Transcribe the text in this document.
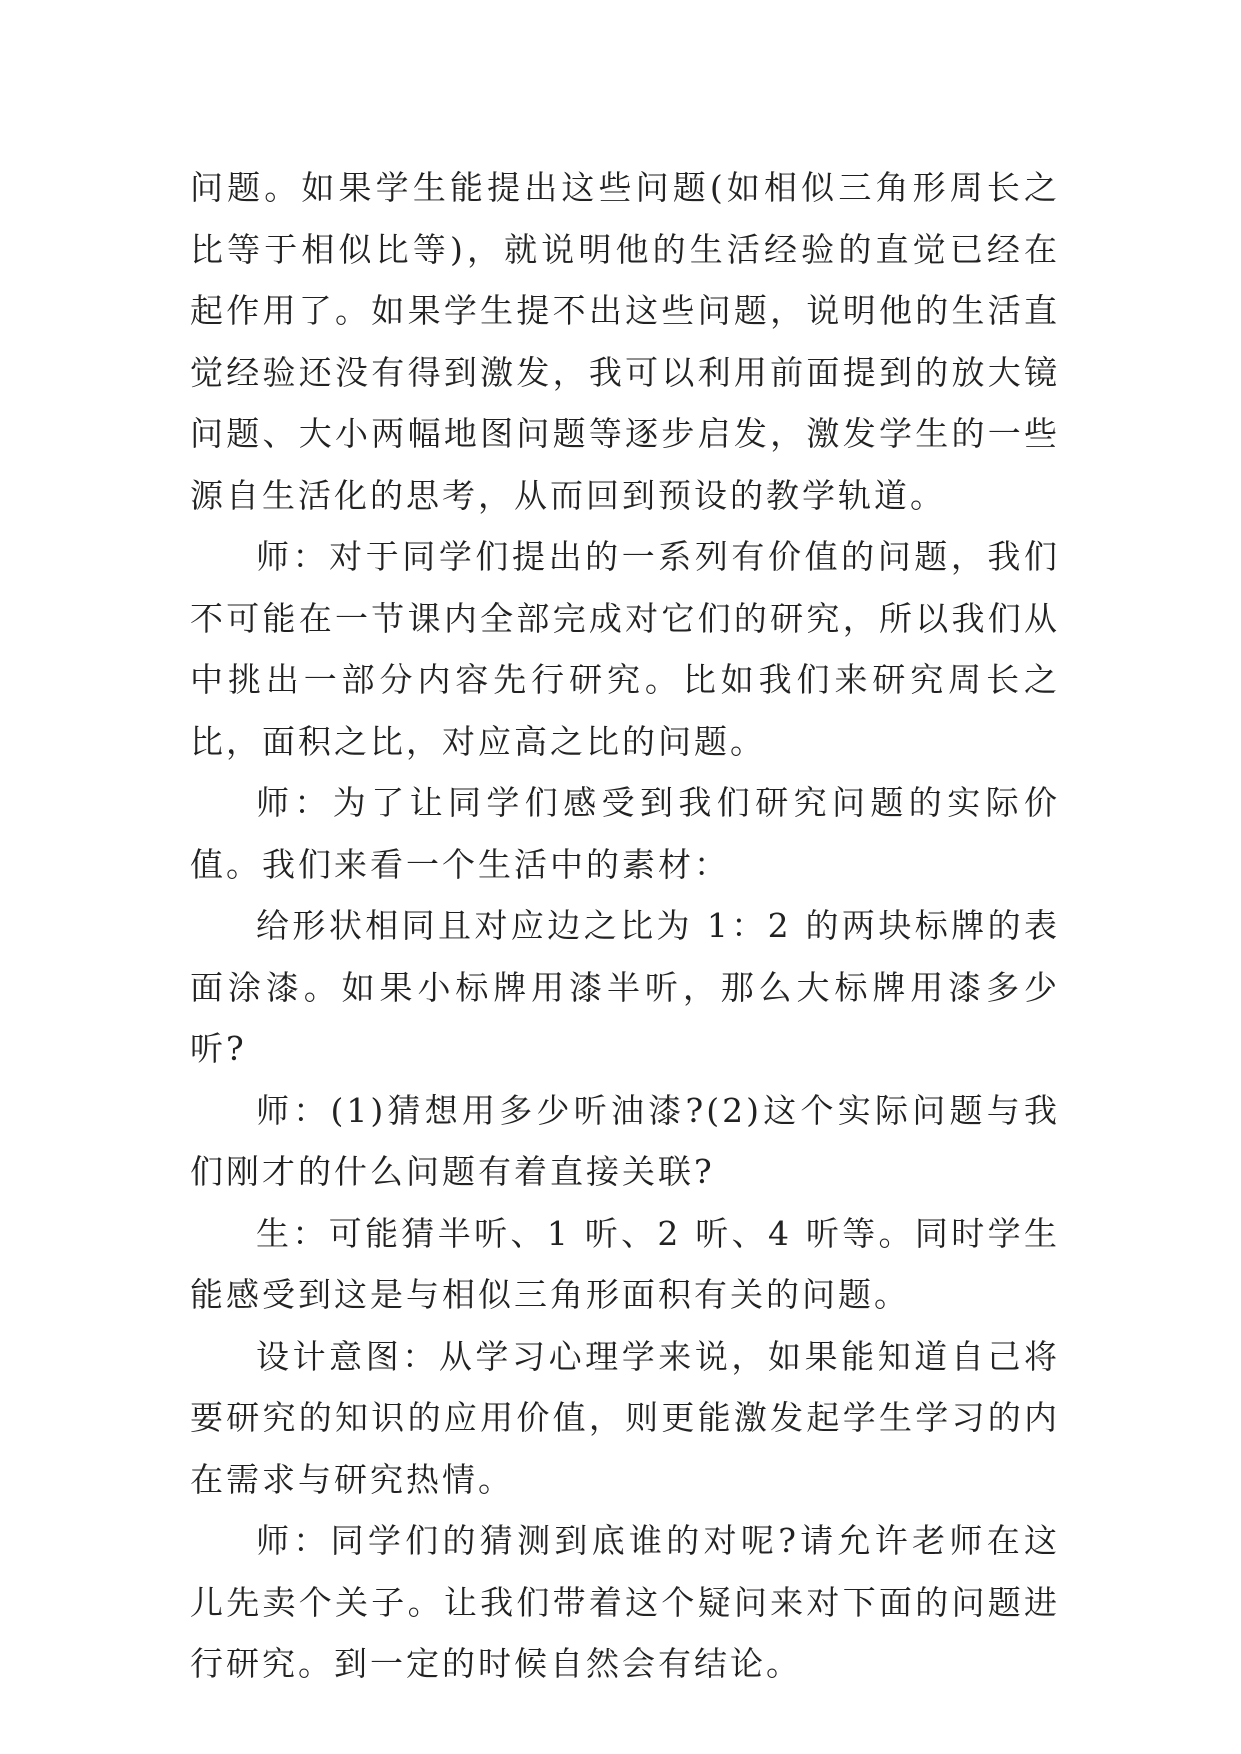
问题。如果学生能提出这些问题(如相似三角形周长之比等于相似比等)，就说明他的生活经验的直觉已经在起作用了。如果学生提不出这些问题，说明他的生活直觉经验还没有得到激发，我可以利用前面提到的放大镜问题、大小两幅地图问题等逐步启发，激发学生的一些源自生活化的思考，从而回到预设的教学轨道。

师：对于同学们提出的一系列有价值的问题，我们不可能在一节课内全部完成对它们的研究，所以我们从中挑出一部分内容先行研究。比如我们来研究周长之比，面积之比，对应高之比的问题。

师：为了让同学们感受到我们研究问题的实际价值。我们来看一个生活中的素材：

给形状相同且对应边之比为 1：2 的两块标牌的表面涂漆。如果小标牌用漆半听，那么大标牌用漆多少听?

师：(1)猜想用多少听油漆?(2)这个实际问题与我们刚才的什么问题有着直接关联?

生：可能猜半听、1 听、2 听、4 听等。同时学生能感受到这是与相似三角形面积有关的问题。

设计意图：从学习心理学来说，如果能知道自己将要研究的知识的应用价值，则更能激发起学生学习的内在需求与研究热情。

师：同学们的猜测到底谁的对呢?请允许老师在这儿先卖个关子。让我们带着这个疑问来对下面的问题进行研究。到一定的时候自然会有结论。
